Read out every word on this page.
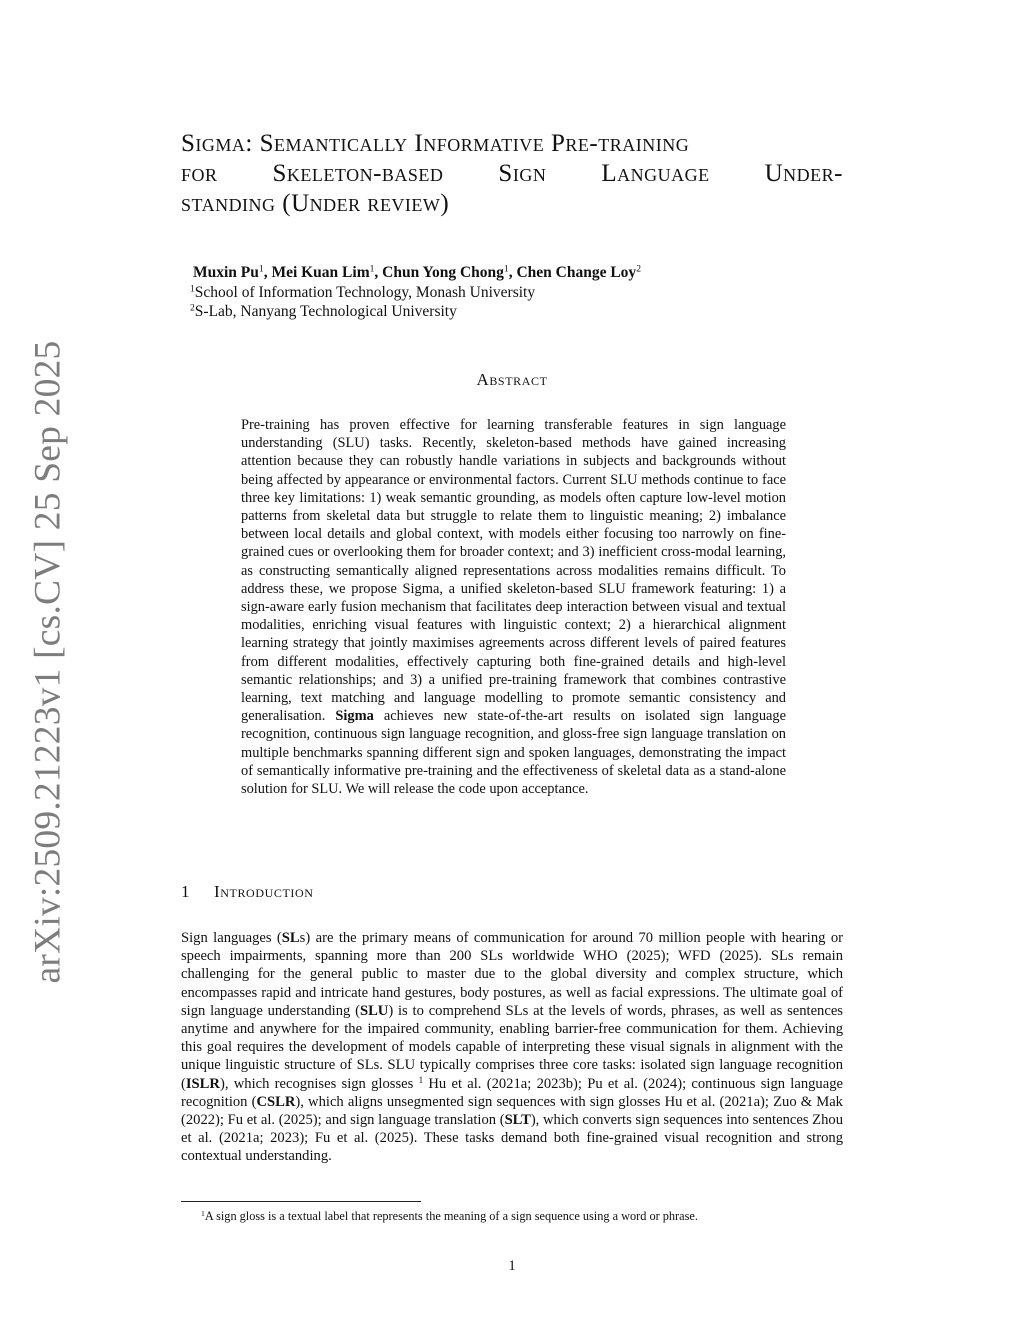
arXiv:2509.21223v1 [cs.CV] 25 Sep 2025
Sigma: Semantically Informative Pre-training
for Skeleton-based Sign Language Under-
standing (Under review)
Muxin Pu$^1$, Mei Kuan Lim$^1$, Chun Yong Chong$^1$, Chen Change Loy$^2$
$^1$School of Information Technology, Monash University
$^2$S-Lab, Nanyang Technological University
Abstract
Pre-training has proven effective for learning transferable features in sign language understanding (SLU) tasks. Recently, skeleton-based methods have gained increasing attention because they can robustly handle variations in subjects and backgrounds without being affected by appearance or environmental factors. Current SLU methods continue to face three key limitations: 1) weak semantic grounding, as models often capture low-level motion patterns from skeletal data but struggle to relate them to linguistic meaning; 2) imbalance between local details and global context, with models either focusing too narrowly on fine-grained cues or overlooking them for broader context; and 3) inefficient cross-modal learning, as constructing semantically aligned representations across modalities remains difficult. To address these, we propose Sigma, a unified skeleton-based SLU framework featuring: 1) a sign-aware early fusion mechanism that facilitates deep interaction between visual and textual modalities, enriching visual features with linguistic context; 2) a hierarchical alignment learning strategy that jointly maximises agreements across different levels of paired features from different modalities, effectively capturing both fine-grained details and high-level semantic relationships; and 3) a unified pre-training framework that combines contrastive learning, text matching and language modelling to promote semantic consistency and generalisation. Sigma achieves new state-of-the-art results on isolated sign language recognition, continuous sign language recognition, and gloss-free sign language translation on multiple benchmarks spanning different sign and spoken languages, demonstrating the impact of semantically informative pre-training and the effectiveness of skeletal data as a stand-alone solution for SLU. We will release the code upon acceptance.
1 Introduction
Sign languages (SLs) are the primary means of communication for around 70 million people with hearing or speech impairments, spanning more than 200 SLs worldwide WHO (2025); WFD (2025). SLs remain challenging for the general public to master due to the global diversity and complex structure, which encompasses rapid and intricate hand gestures, body postures, as well as facial expressions. The ultimate goal of sign language understanding (SLU) is to comprehend SLs at the levels of words, phrases, as well as sentences anytime and anywhere for the impaired community, enabling barrier-free communication for them. Achieving this goal requires the development of models capable of interpreting these visual signals in alignment with the unique linguistic structure of SLs. SLU typically comprises three core tasks: isolated sign language recognition (ISLR), which recognises sign glosses $^1$ Hu et al. (2021a; 2023b); Pu et al. (2024); continuous sign language recognition (CSLR), which aligns unsegmented sign sequences with sign glosses Hu et al. (2021a); Zuo & Mak (2022); Fu et al. (2025); and sign language translation (SLT), which converts sign sequences into sentences Zhou et al. (2021a; 2023); Fu et al. (2025). These tasks demand both fine-grained visual recognition and strong contextual understanding.
$^1$A sign gloss is a textual label that represents the meaning of a sign sequence using a word or phrase.
1
